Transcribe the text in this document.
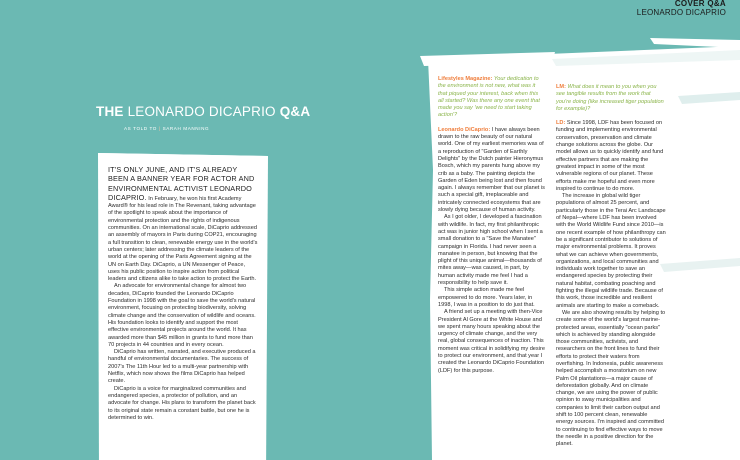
COVER Q&A
LEONARDO DICAPRIO
THE LEONARDO DICAPRIO Q&A
AS TOLD TO | SARAH MANNING

IT'S ONLY JUNE, AND IT'S ALREADY BEEN A BANNER YEAR FOR ACTOR AND ENVIRONMENTAL ACTIVIST LEONARDO DICAPRIO. In February, he won his first Academy Award® for his lead role in The Revenant, taking advantage of the spotlight to speak about the importance of environmental protection and the rights of indigenous communities. On an international scale, DiCaprio addressed an assembly of mayors in Paris during COP21, encouraging a full transition to clean, renewable energy use in the world's urban centers; later addressing the climate leaders of the world at the opening of the Paris Agreement signing at the UN on Earth Day. DiCaprio, a UN Messenger of Peace, uses his public position to inspire action from political leaders and citizens alike to take action to protect the Earth.

An advocate for environmental change for almost two decades, DiCaprio founded the Leonardo DiCaprio Foundation in 1998 with the goal to save the world's natural environment, focusing on protecting biodiversity, solving climate change and the conservation of wildlife and oceans. His foundation looks to identify and support the most effective environmental projects around the world. It has awarded more than $45 million in grants to fund more than 70 projects in 44 countries and in every ocean.

DiCaprio has written, narrated, and executive produced a handful of environmental documentaries. The success of 2007's The 11th Hour led to a multi-year partnership with Netflix, which now shows the films DiCaprio has helped create.

DiCaprio is a voice for marginalized communities and endangered species, a protector of pollution, and an advocate for change. His plans to transform the planet back to its original state remain a constant battle, but one he is determined to win.

Lifestyles Magazine: Your dedication to the environment is not new, what was it that piqued your interest, back when this all started? Was there any one event that made you say 'we need to start taking action'?

Leonardo DiCaprio: I have always been drawn to the raw beauty of our natural world. One of my earliest memories was of a reproduction of "Garden of Earthly Delights" by the Dutch painter Hieronymus Bosch, which my parents hung above my crib as a baby. The painting depicts the Garden of Eden being lost and then found again. I always remember that our planet is such a special gift, irreplaceable and intricately connected ecosystems that are slowly dying because of human activity.

As I got older, I developed a fascination with wildlife. In fact, my first philanthropic act was in junior high school when I sent a small donation to a "Save the Manatee" campaign in Florida. I had never seen a manatee in person, but knowing that the plight of this unique animal—thousands of mites away—was caused, in part, by human activity made me feel I had a responsibility to help save it.

This simple action made me feel empowered to do more. Years later, in 1998, I was in a position to do just that.

A friend set up a meeting with then-Vice President Al Gore at the White House and we spent many hours speaking about the urgency of climate change, and the very real, global consequences of inaction. This moment was critical in solidifying my desire to protect our environment, and that year I created the Leonardo DiCaprio Foundation (LDF) for this purpose.

LM: What does it mean to you when you see tangible results from the work that you're doing (like increased tiger population for example)?

LD: Since 1998, LDF has been focused on funding and implementing environmental conservation, preservation and climate change solutions across the globe. Our model allows us to quickly identify and fund effective partners that are making the greatest impact in some of the most vulnerable regions of our planet. These efforts make me hopeful and even more inspired to continue to do more.

The increase in global wild tiger populations of almost 25 percent, and particularly those in the Terai Arc Landscape of Nepal—where LDF has been involved with the World Wildlife Fund since 2010—is one recent example of how philanthropy can be a significant contributor to solutions of major environmental problems. It proves what we can achieve when governments, organizations, and local communities and individuals work together to save an endangered species by protecting their natural habitat, combating poaching and fighting the illegal wildlife trade. Because of this work, those incredible and resilient animals are starting to make a comeback.

We are also showing results by helping to create some of the world's largest marine-protected areas, essentially "ocean parks" which is achieved by standing alongside those communities, activists, and researchers on the front lines to fund their efforts to protect their waters from overfishing. In Indonesia, public awareness helped accomplish a moratorium on new Palm Oil plantations—a major cause of deforestation globally. And on climate change, we are using the power of public opinion to sway municipalities and companies to limit their carbon output and shift to 100 percent clean, renewable energy sources. I'm inspired and committed to continuing to find effective ways to move the needle in a positive direction for the planet.
